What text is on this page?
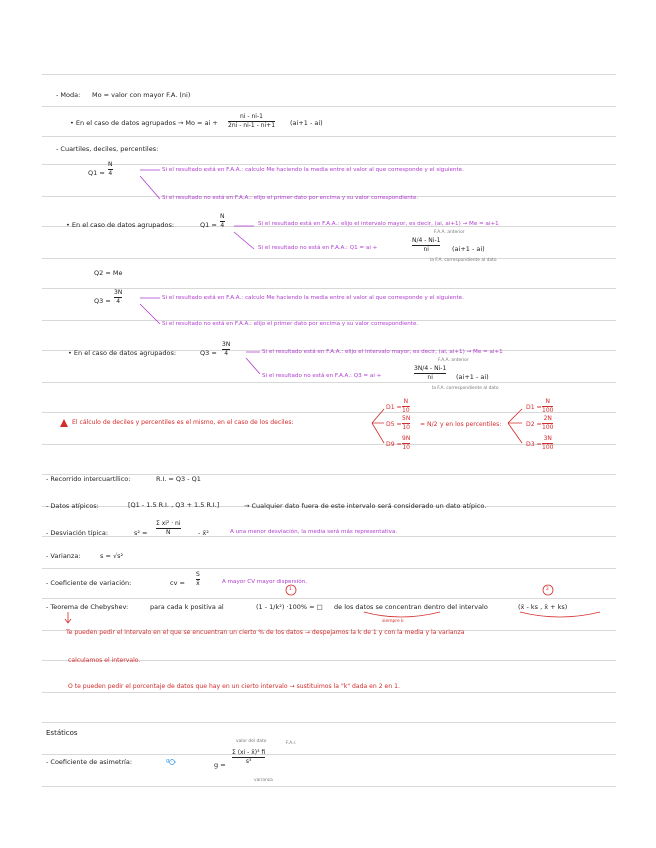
- Moda: Mo = valor con mayor F.A. (ni)
• En el caso de datos agrupados → Mo = ai +
ni - ni-1
2ni - ni-1 - ni+1 (ai+1 - ai)
- Cuartiles, deciles, percentiles:
Q1 =
N
4
Si el resultado está en F.A.A.: calculo Me haciendo la media entre el valor al que corresponde y el siguiente.
Si el resultado no está en F.A.A.: elijo el primer dato por encima y su valor correspondiente.
• En el caso de datos agrupados:	Q1 =
N
4	Si el resultado está en F.A.A.: elijo el intervalo mayor, es decir, (ai, ai+1) → Me = ai+1
Si el resultado no está en F.A.A.: Q1 = ai +
F.A.A. anterior
N/4 - Ni-1
ni	(ai+1 - ai)
la F.A. correspondiente al dato
Q2 = Me
Q3 =
3N
4
Si el resultado está en F.A.A.: calculo Me haciendo la media entre el valor al que corresponde y el siguiente.
Si el resultado no está en F.A.A.: elijo el primer dato por encima y su valor correspondiente.
• En el caso de datos agrupados:	Q3 =
3N
4	Si el resultado está en F.A.A.: elijo el intervalo mayor, es decir, (ai, ai+1) → Me = ai+1
Si el resultado no está en F.A.A.: Q3 = ai +
F.A.A. anterior
3N/4 - Ni-1
ni	(ai+1 - ai)
la F.A. correspondiente al dato
El cálculo de deciles y percentiles es el mismo, en el caso de los deciles:
D1 =
N
10
D5 =
5N
10 = N/2
D9 =
9N
10
y en los percentiles:
D1 =
N
100
D2 =
2N
100
D3 =
3N
100
- Recorrido intercuartílico:	R.I. = Q3 - Q1
- Datos atípicos:	[Q1 - 1.5 R.I. , Q3 + 1.5 R.I.]	→ Cualquier dato fuera de este intervalo será considerado un dato atípico.
- Desviación típica:	s² =
Σ xi² · ni
N	- x̄²	A una menor desviación, la media será más representativa.
- Varianza:	s = √s²
- Coeficiente de variación:	cv =
S
x̄	A mayor CV mayor dispersión.
- Teorema de Chebyshev:	para cada k positiva al
1
(1 - 1/k²) ·100% = □ de los datos se concentran dentro del intervalo
2
(x̄ - ks , x̄ + ks)
siempre k
Te pueden pedir el intervalo en el que se encuentran un cierto % de los datos → despejamos la k de 1 y con la media y la varianza
calculamos el intervalo.
O te pueden pedir el porcentaje de datos que hay en un cierto intervalo → sustituimos la "k" dada en 2 en 1.
Estáticos
- Coeficiente de asimetría:	g :
valor del dato	F.A.r.
g =
Σ (xi - x̄)³ fi
s³
varianza
